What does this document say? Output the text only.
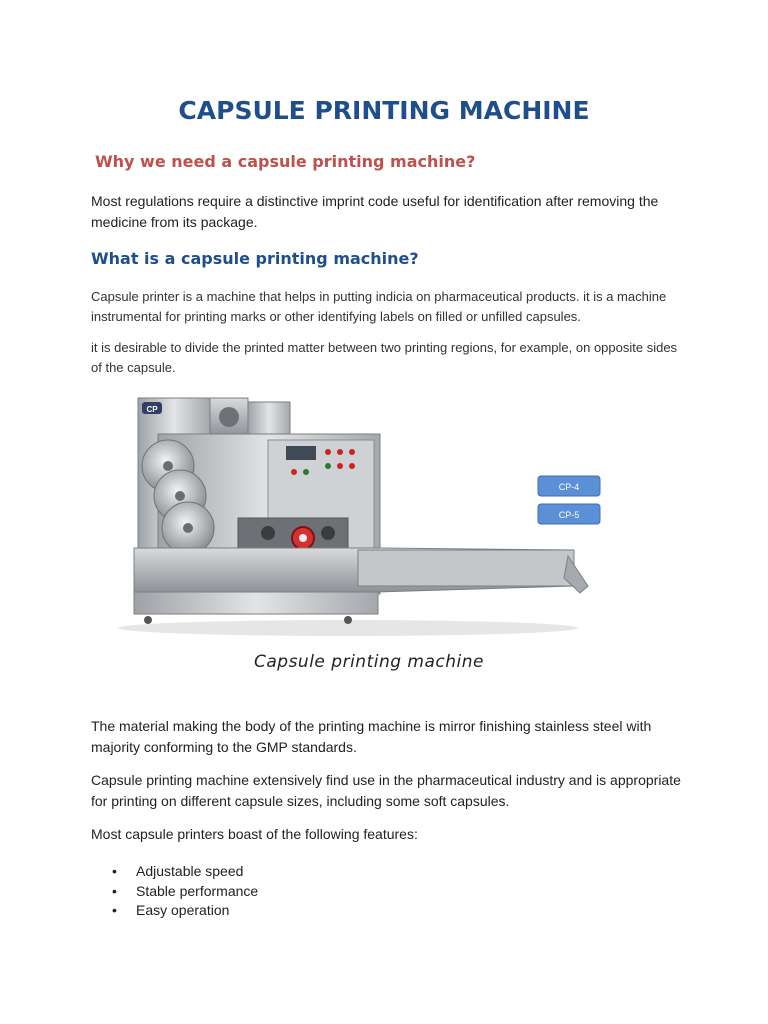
CAPSULE PRINTING MACHINE
Why we need a capsule printing machine?

Most regulations require a distinctive imprint code useful for identification after removing the medicine from its package.

What is a capsule printing machine?

Capsule printer is a machine that helps in putting indicia on pharmaceutical products. it is a machine instrumental for printing marks or other identifying labels on filled or unfilled capsules.

it is desirable to divide the printed matter between two printing regions, for example, on opposite sides of the capsule.

CP
CP-4
CP-5
Capsule printing machine

The material making the body of the printing machine is mirror finishing stainless steel with majority conforming to the GMP standards.

Capsule printing machine extensively find use in the pharmaceutical industry and is appropriate for printing on different capsule sizes, including some soft capsules.

Most capsule printers boast of the following features:

• Adjustable speed
• Stable performance
• Easy operation
